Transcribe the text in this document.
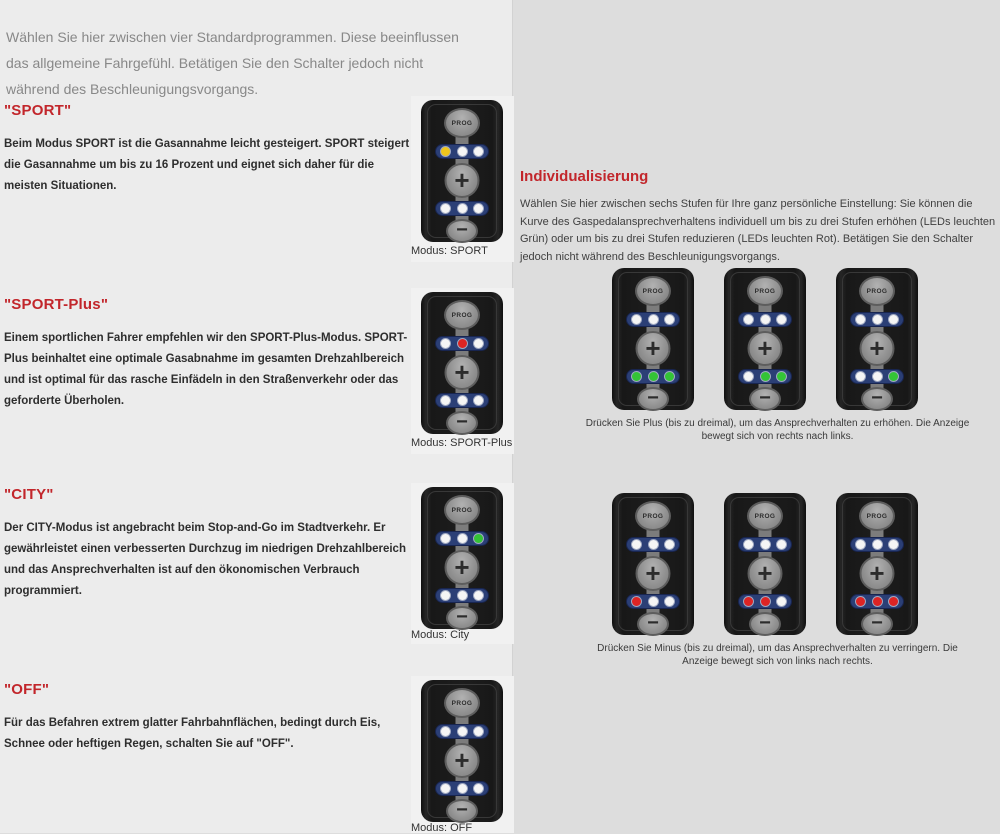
Wählen Sie hier zwischen vier Standardprogrammen. Diese beeinflussen das allgemeine Fahrgefühl. Betätigen Sie den Schalter jedoch nicht während des Beschleunigungsvorgangs.

"SPORT"

Beim Modus SPORT ist die Gasannahme leicht gesteigert. SPORT steigert die Gasannahme um bis zu 16 Prozent und eignet sich daher für die meisten Situationen.

PROG
+
−
Modus: SPORT
"SPORT-Plus"

Einem sportlichen Fahrer empfehlen wir den SPORT-Plus-Modus. SPORT-Plus beinhaltet eine optimale Gasabnahme im gesamten Drehzahlbereich und ist optimal für das rasche Einfädeln in den Straßenverkehr oder das geforderte Überholen.

PROG
+
−
Modus: SPORT-Plus
"CITY"

Der CITY-Modus ist angebracht beim Stop-and-Go im Stadtverkehr. Er gewährleistet einen verbesserten Durchzug im niedrigen Drehzahlbereich und das Ansprechverhalten ist auf den ökonomischen Verbrauch programmiert.

PROG
+
−
Modus: City
"OFF"

Für das Befahren extrem glatter Fahrbahnflächen, bedingt durch Eis, Schnee oder heftigen Regen, schalten Sie auf "OFF".

PROG
+
−
Modus: OFF
Individualisierung

Wählen Sie hier zwischen sechs Stufen für Ihre ganz persönliche Einstellung: Sie können die Kurve des Gaspedalansprechverhaltens individuell um bis zu drei Stufen erhöhen (LEDs leuchten Grün) oder um bis zu drei Stufen reduzieren (LEDs leuchten Rot). Betätigen Sie den Schalter jedoch nicht während des Beschleunigungsvorgangs.

PROG
+
−
PROG
+
−
PROG
+
−
Drücken Sie Plus (bis zu dreimal), um das Ansprechverhalten zu erhöhen. Die Anzeige bewegt sich von rechts nach links.
PROG
+
−
PROG
+
−
PROG
+
−
Drücken Sie Minus (bis zu dreimal), um das Ansprechverhalten zu verringern. Die Anzeige bewegt sich von links nach rechts.
